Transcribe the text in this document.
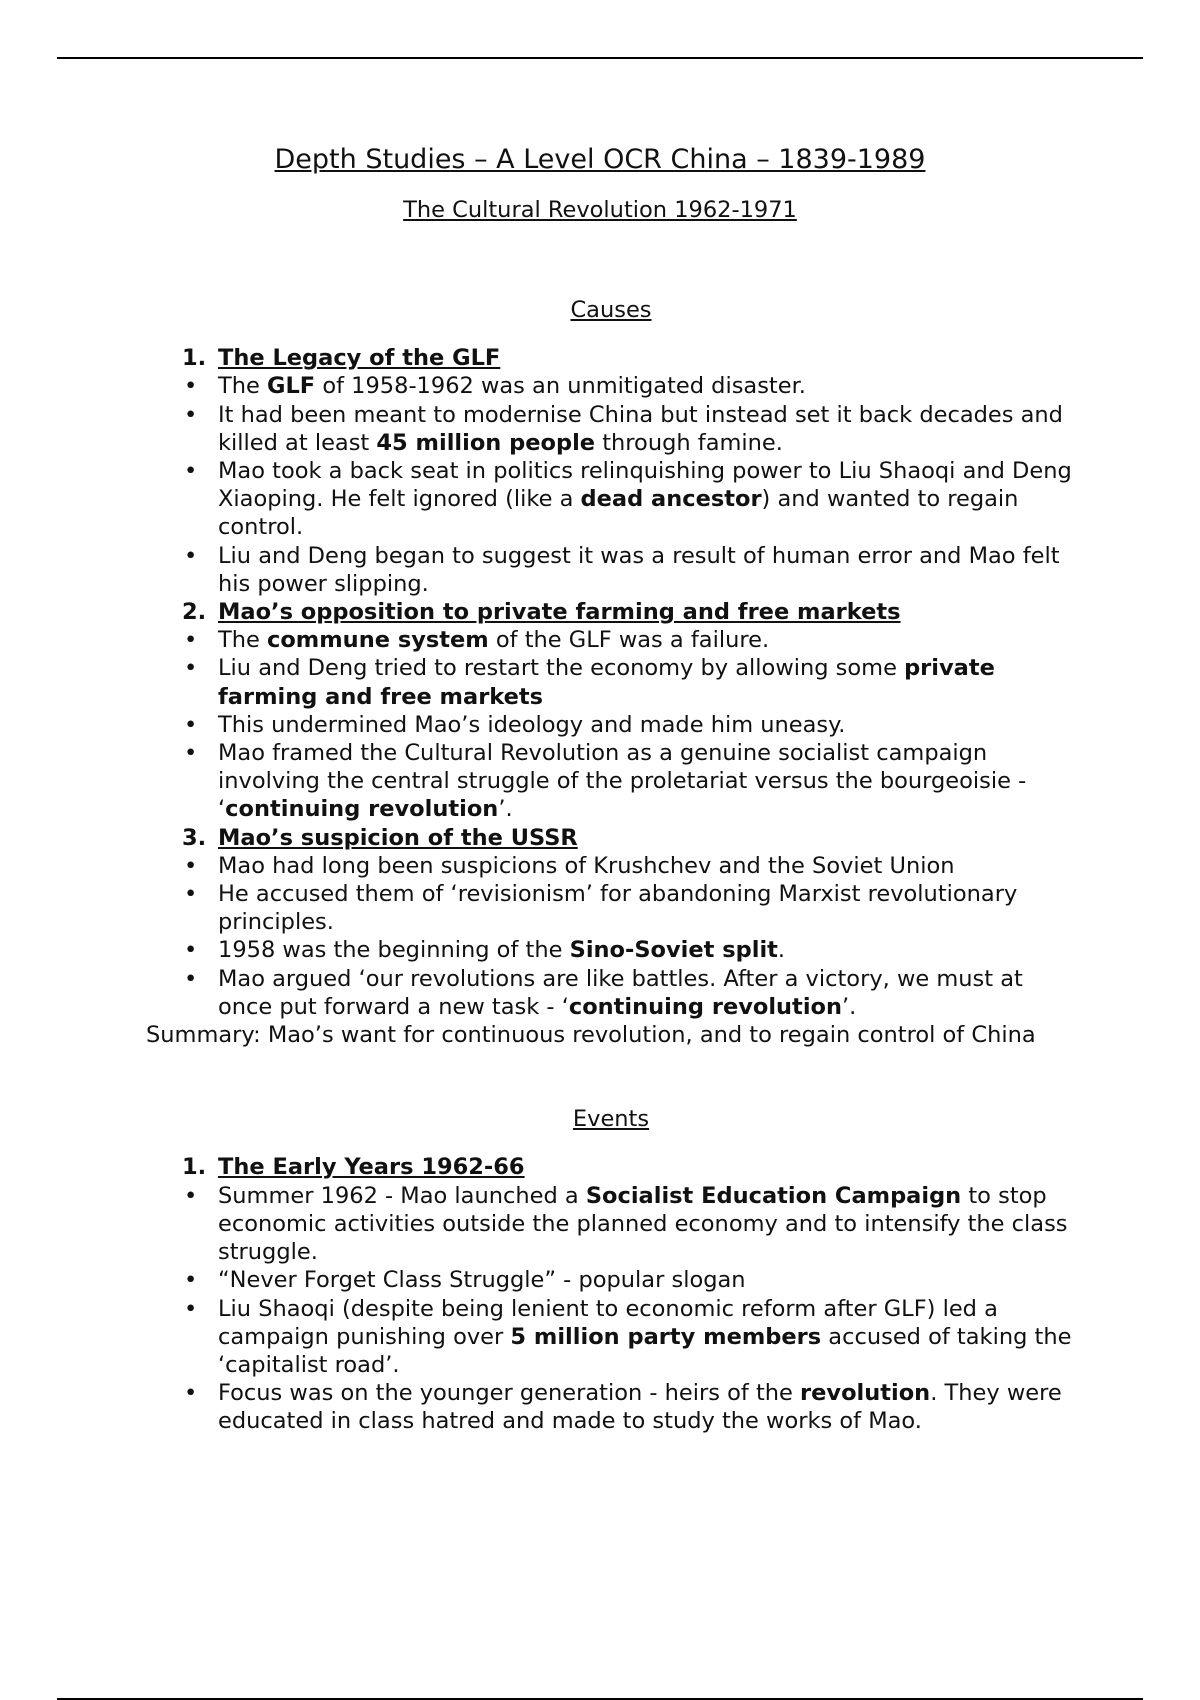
Depth Studies – A Level OCR China – 1839-1989
The Cultural Revolution 1962-1971
Causes
1. The Legacy of the GLF
• The GLF of 1958-1962 was an unmitigated disaster.
• It had been meant to modernise China but instead set it back decades and killed at least 45 million people through famine.
• Mao took a back seat in politics relinquishing power to Liu Shaoqi and Deng Xiaoping. He felt ignored (like a dead ancestor) and wanted to regain control.
• Liu and Deng began to suggest it was a result of human error and Mao felt his power slipping.
2. Mao’s opposition to private farming and free markets
• The commune system of the GLF was a failure.
• Liu and Deng tried to restart the economy by allowing some private farming and free markets
• This undermined Mao’s ideology and made him uneasy.
• Mao framed the Cultural Revolution as a genuine socialist campaign involving the central struggle of the proletariat versus the bourgeoisie - ‘continuing revolution’.
3. Mao’s suspicion of the USSR
• Mao had long been suspicions of Krushchev and the Soviet Union
• He accused them of ‘revisionism’ for abandoning Marxist revolutionary principles.
• 1958 was the beginning of the Sino-Soviet split.
• Mao argued ‘our revolutions are like battles. After a victory, we must at once put forward a new task - ‘continuing revolution’.

Summary: Mao’s want for continuous revolution, and to regain control of China

Events
1. The Early Years 1962-66
• Summer 1962 - Mao launched a Socialist Education Campaign to stop economic activities outside the planned economy and to intensify the class struggle.
• “Never Forget Class Struggle” - popular slogan
• Liu Shaoqi (despite being lenient to economic reform after GLF) led a campaign punishing over 5 million party members accused of taking the ‘capitalist road’.
• Focus was on the younger generation - heirs of the revolution. They were educated in class hatred and made to study the works of Mao.
